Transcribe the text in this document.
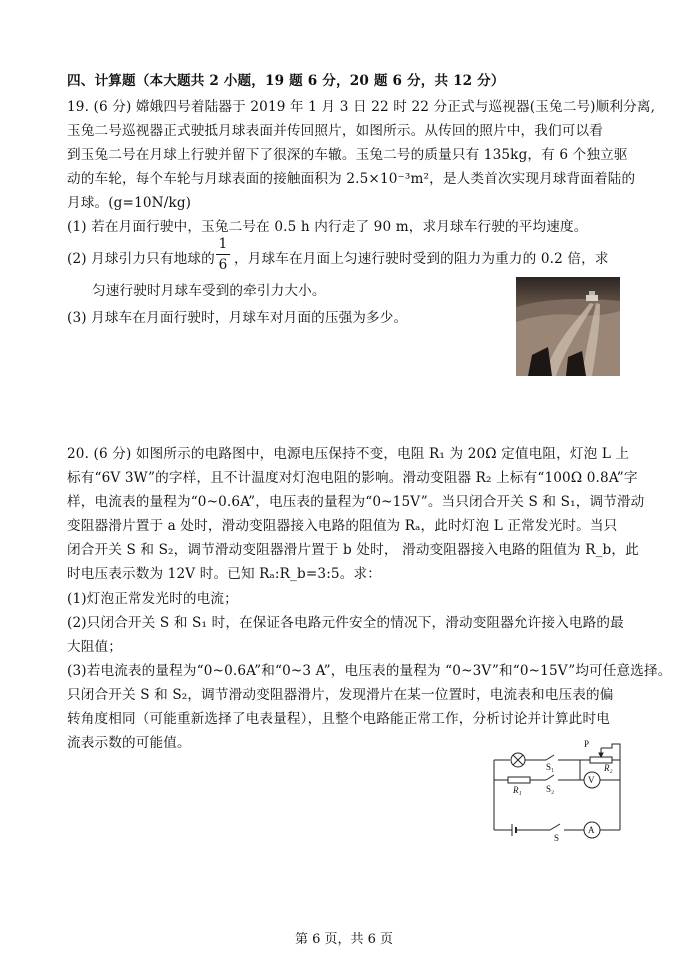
四、计算题（本大题共 2 小题，19 题 6 分，20 题 6 分，共 12 分）
19. (6 分) 嫦娥四号着陆器于 2019 年 1 月 3 日 22 时 22 分正式与巡视器(玉兔二号)顺利分离,
玉兔二号巡视器正式驶抵月球表面并传回照片，如图所示。从传回的照片中，我们可以看
到玉兔二号在月球上行驶并留下了很深的车辙。玉兔二号的质量只有 135kg，有 6 个独立驱
动的车轮，每个车轮与月球表面的接触面积为 2.5×10⁻³m²，是人类首次实现月球背面着陆的
月球。(g=10N/kg)
(1) 若在月面行驶中，玉兔二号在 0.5 h 内行走了 90 m，求月球车行驶的平均速度。
(2) 月球引力只有地球的
1
6 ，月球车在月面上匀速行驶时受到的阻力为重力的 0.2 倍，求
匀速行驶时月球车受到的牵引力大小。
(3) 月球车在月面行驶时，月球车对月面的压强为多少。
20. (6 分) 如图所示的电路图中，电源电压保持不变，电阻 R₁ 为 20Ω 定值电阻，灯泡 L 上
标有“6V 3W”的字样，且不计温度对灯泡电阻的影响。滑动变阻器 R₂ 上标有“100Ω 0.8A”字
样，电流表的量程为“0~0.6A”，电压表的量程为“0~15V”。当只闭合开关 S 和 S₁，调节滑动
变阻器滑片置于 a 处时，滑动变阻器接入电路的阻值为 Rₐ，此时灯泡 L 正常发光时。当只
闭合开关 S 和 S₂，调节滑动变阻器滑片置于 b 处时， 滑动变阻器接入电路的阻值为 R_b，此
时电压表示数为 12V 时。已知 Rₐ:R_b=3:5。求：
(1)灯泡正常发光时的电流；
(2)只闭合开关 S 和 S₁ 时，在保证各电路元件安全的情况下，滑动变阻器允许接入电路的最
大阻值；
(3)若电流表的量程为“0~0.6A”和“0~3 A”，电压表的量程为 “0~3V”和“0~15V”均可任意选择。
只闭合开关 S 和 S₂，调节滑动变阻器滑片，发现滑片在某一位置时，电流表和电压表的偏
转角度相同（可能重新选择了电表量程），且整个电路能正常工作，分析讨论并计算此时电
流表示数的可能值。	P
R₂
S₁
S₂
R₁
V
S
A
第 6 页，共 6 页
